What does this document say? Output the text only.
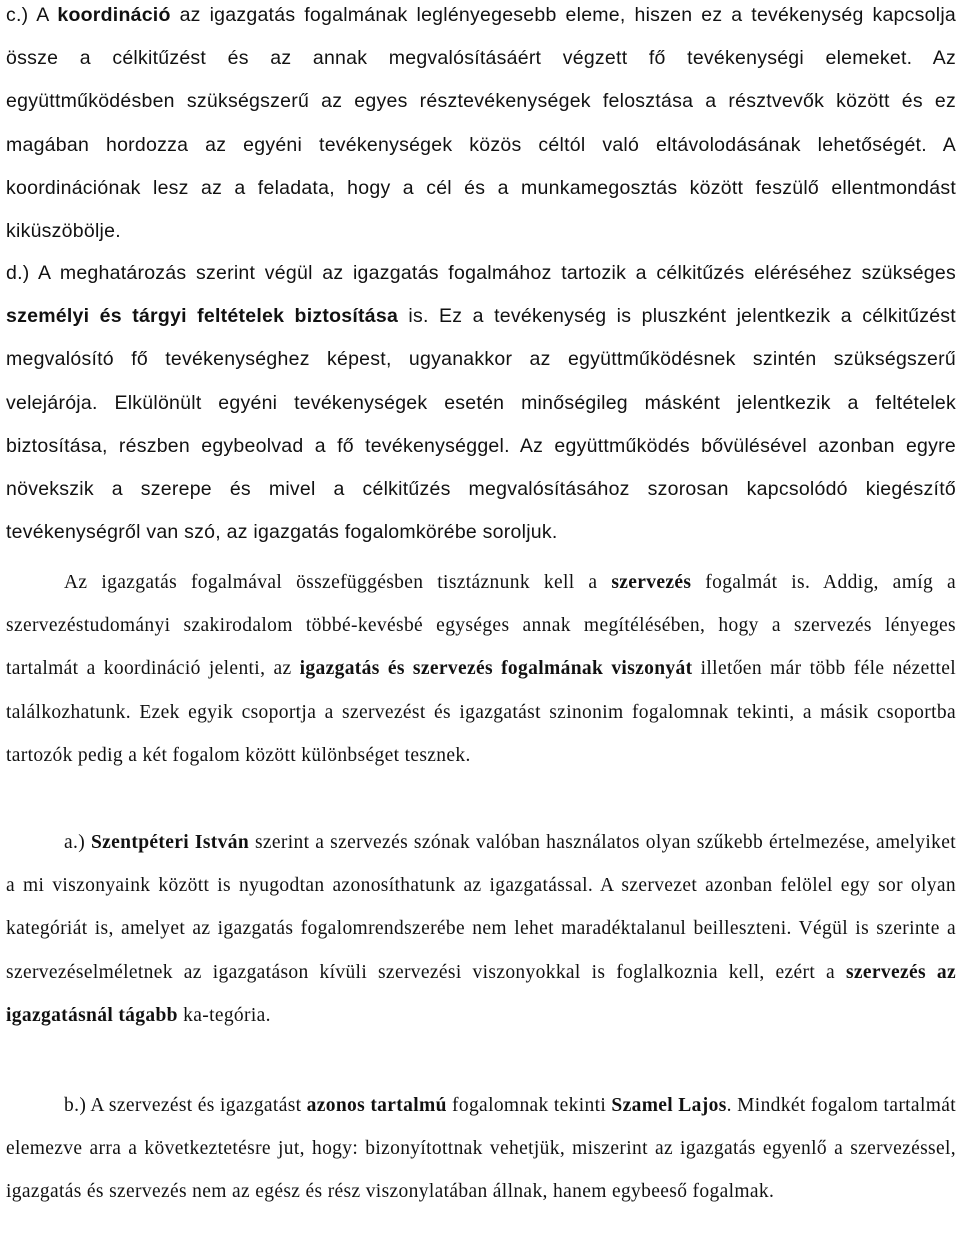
c.) A koordináció az igazgatás fogalmának leglényegesebb eleme, hiszen ez a tevékenység kapcsolja össze a célkitűzést és az annak megvalósításáért végzett fő tevékenységi elemeket. Az együttműködésben szükségszerű az egyes résztevékenységek felosztása a résztvevők között és ez magában hordozza az egyéni tevékenységek közös céltól való eltávolodásának lehetőségét. A koordinációnak lesz az a feladata, hogy a cél és a munkamegosztás között feszülő ellentmondást kiküszöbölje.

d.) A meghatározás szerint végül az igazgatás fogalmához tartozik a célkitűzés eléréséhez szükséges személyi és tárgyi feltételek biztosítása is. Ez a tevékenység is pluszként jelentkezik a célkitűzést megvalósító fő tevékenységhez képest, ugyanakkor az együttműködésnek szintén szükségszerű velejárója. Elkülönült egyéni tevékenységek esetén minőségileg másként jelentkezik a feltételek biztosítása, részben egybeolvad a fő tevékenységgel. Az együttműködés bővülésével azonban egyre növekszik a szerepe és mivel a célkitűzés megvalósításához szorosan kapcsolódó kiegészítő tevékenységről van szó, az igazgatás fogalomkörébe soroljuk.

Az igazgatás fogalmával összefüggésben tisztáznunk kell a szervezés fogalmát is. Addig, amíg a szervezéstudományi szakirodalom többé-kevésbé egységes annak megítélésében, hogy a szervezés lényeges tartalmát a koordináció jelenti, az igazgatás és szervezés fogalmának viszonyát illetően már több féle nézettel találkozhatunk. Ezek egyik csoportja a szervezést és igazgatást szinonim fogalomnak tekinti, a másik csoportba tartozók pedig a két fogalom között különbséget tesznek.

a.) Szentpéteri István szerint a szervezés szónak valóban használatos olyan szűkebb értelmezése, amelyiket a mi viszonyaink között is nyugodtan azonosíthatunk az igazgatással. A szervezet azonban felölel egy sor olyan kategóriát is, amelyet az igazgatás fogalomrendszerébe nem lehet maradéktalanul beilleszteni. Végül is szerinte a szervezéselméletnek az igazgatáson kívüli szervezési viszonyokkal is foglalkoznia kell, ezért a szervezés az igazgatásnál tágabb ka-tegória.

b.) A szervezést és igazgatást azonos tartalmú fogalomnak tekinti Szamel Lajos. Mindkét fogalom tartalmát elemezve arra a következtetésre jut, hogy: bizonyítottnak vehetjük, miszerint az igazgatás egyenlő a szervezéssel, igazgatás és szervezés nem az egész és rész viszonylatában állnak, hanem egybeeső fogalmak.
